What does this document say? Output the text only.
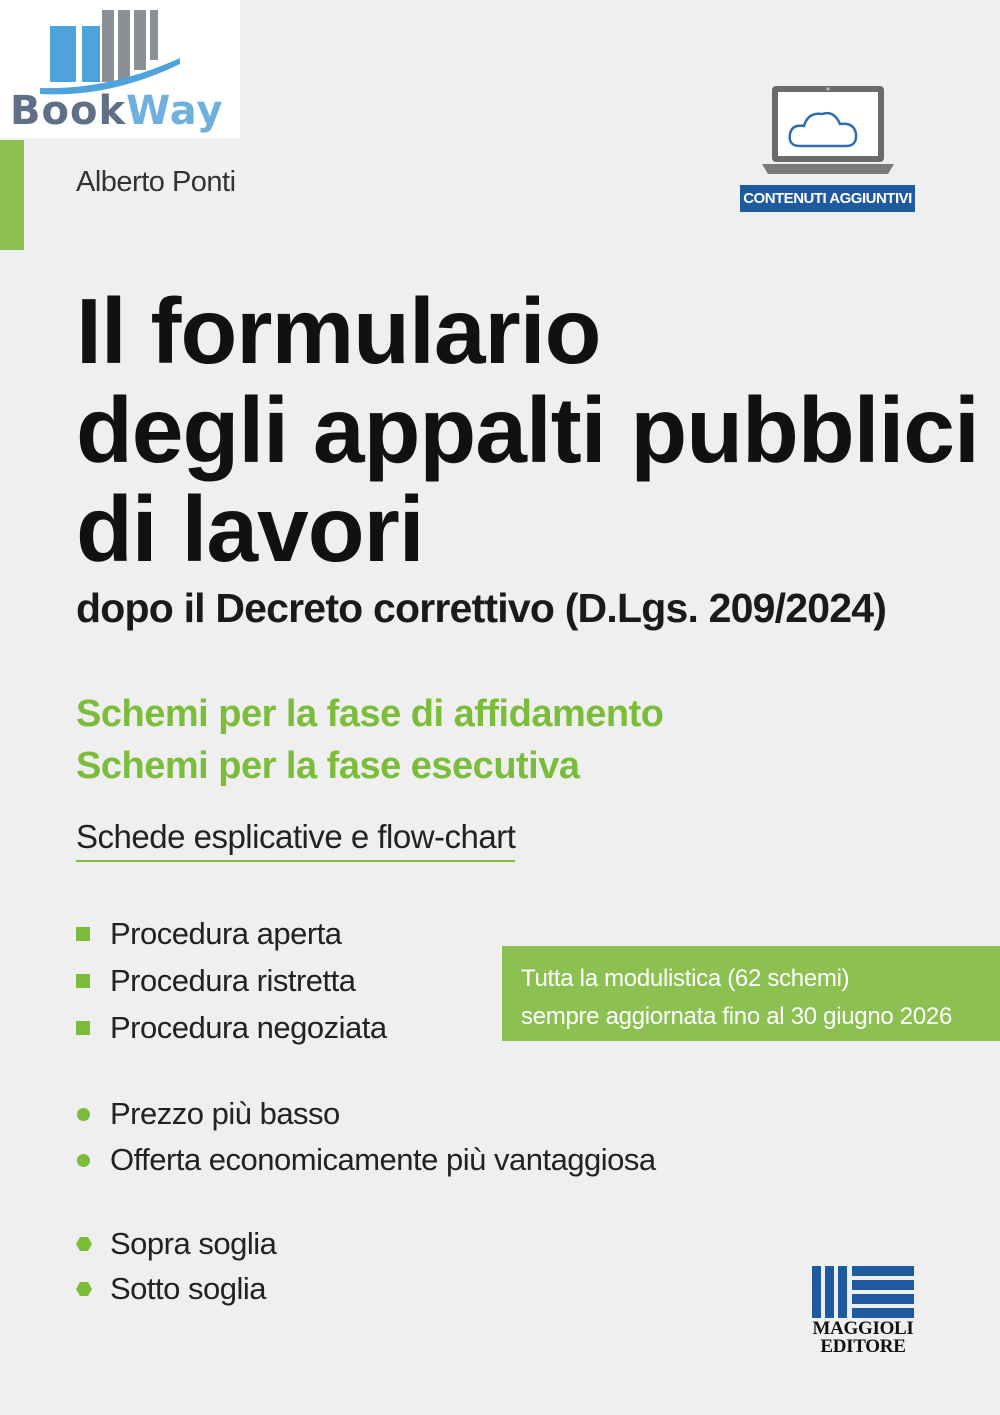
BookWay
Alberto Ponti
CONTENUTI AGGIUNTIVI
Il formulario
degli appalti pubblici
di lavori
dopo il Decreto correttivo (D.Lgs. 209/2024)
Schemi per la fase di affidamento
Schemi per la fase esecutiva
Schede esplicative e flow-chart
Procedura aperta
Procedura ristretta
Procedura negoziata
Tutta la modulistica (62 schemi)
sempre aggiornata fino al 30 giugno 2026
Prezzo più basso
Offerta economicamente più vantaggiosa
Sopra soglia
Sotto soglia
MAGGIOLI
EDITORE
